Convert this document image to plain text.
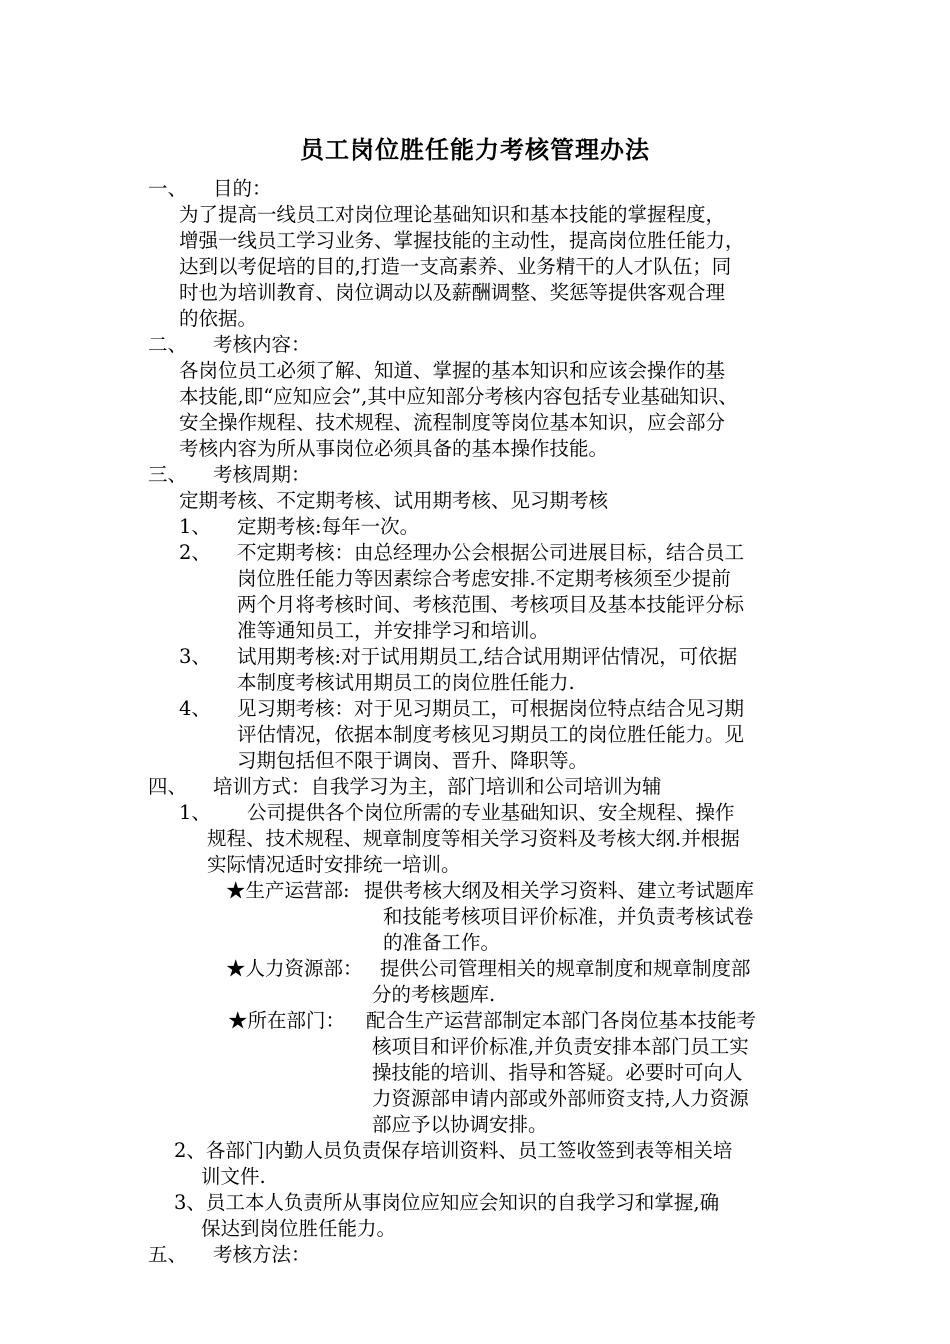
员工岗位胜任能力考核管理办法
一、 目的：
为了提高一线员工对岗位理论基础知识和基本技能的掌握程度，
增强一线员工学习业务、掌握技能的主动性，提高岗位胜任能力，
达到以考促培的目的,打造一支高素养、业务精干的人才队伍；同
时也为培训教育、岗位调动以及薪酬调整、奖惩等提供客观合理
的依据。
二、 考核内容：
各岗位员工必须了解、知道、掌握的基本知识和应该会操作的基
本技能,即“应知应会”,其中应知部分考核内容包括专业基础知识、
安全操作规程、技术规程、流程制度等岗位基本知识，应会部分
考核内容为所从事岗位必须具备的基本操作技能。
三、 考核周期：
定期考核、不定期考核、试用期考核、见习期考核
1、 定期考核:每年一次。
2、 不定期考核：由总经理办公会根据公司进展目标，结合员工
岗位胜任能力等因素综合考虑安排.不定期考核须至少提前
两个月将考核时间、考核范围、考核项目及基本技能评分标
准等通知员工，并安排学习和培训。
3、 试用期考核:对于试用期员工,结合试用期评估情况，可依据
本制度考核试用期员工的岗位胜任能力.
4、 见习期考核：对于见习期员工，可根据岗位特点结合见习期
评估情况，依据本制度考核见习期员工的岗位胜任能力。见
习期包括但不限于调岗、晋升、降职等。
四、 培训方式：自我学习为主，部门培训和公司培训为辅
1、 公司提供各个岗位所需的专业基础知识、安全规程、操作
规程、技术规程、规章制度等相关学习资料及考核大纲.并根据
实际情况适时安排统一培训。
★生产运营部: 提供考核大纲及相关学习资料、建立考试题库
和技能考核项目评价标准，并负责考核试卷
的准备工作。
★人力资源部： 提供公司管理相关的规章制度和规章制度部
分的考核题库.
★所在部门： 配合生产运营部制定本部门各岗位基本技能考
核项目和评价标准,并负责安排本部门员工实
操技能的培训、指导和答疑。必要时可向人
力资源部申请内部或外部师资支持,人力资源
部应予以协调安排。
2、各部门内勤人员负责保存培训资料、员工签收签到表等相关培
训文件.
3、员工本人负责所从事岗位应知应会知识的自我学习和掌握,确
保达到岗位胜任能力。
五、 考核方法：
